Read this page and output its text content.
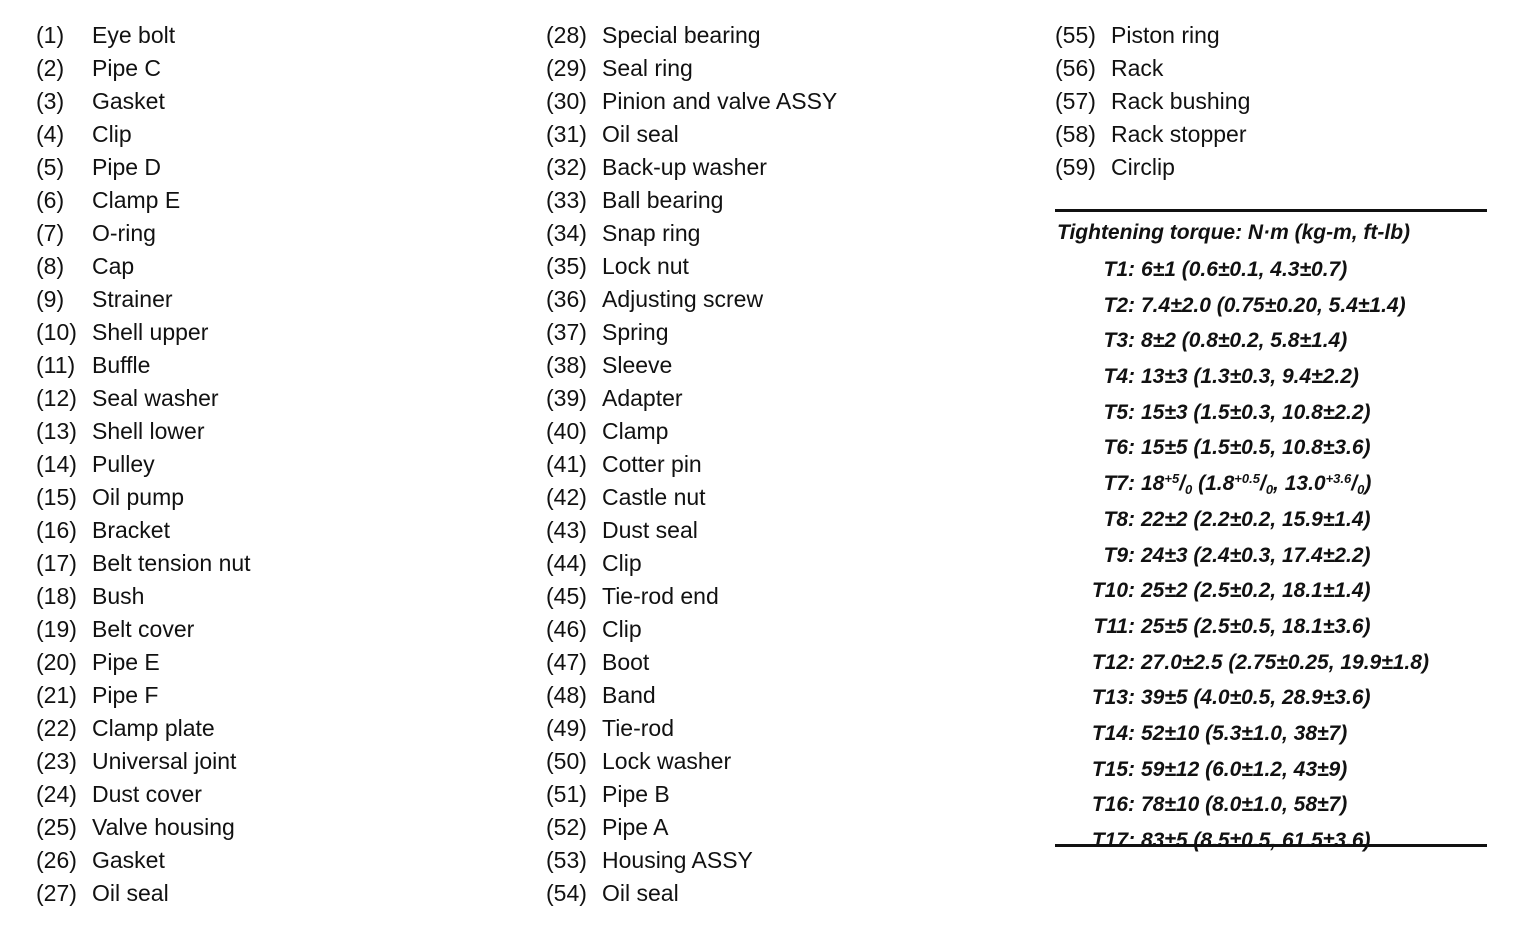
(1)	Eye bolt
(2)	Pipe C
(3)	Gasket
(4)	Clip
(5)	Pipe D
(6)	Clamp E
(7)	O-ring
(8)	Cap
(9)	Strainer
(10) Shell upper
(11) Buffle
(12) Seal washer
(13) Shell lower
(14) Pulley
(15) Oil pump
(16) Bracket
(17) Belt tension nut
(18) Bush
(19) Belt cover
(20) Pipe E
(21) Pipe F
(22) Clamp plate
(23) Universal joint
(24) Dust cover
(25) Valve housing
(26) Gasket
(27) Oil seal
(28) Special bearing
(29) Seal ring
(30) Pinion and valve ASSY
(31) Oil seal
(32) Back-up washer
(33) Ball bearing
(34) Snap ring
(35) Lock nut
(36) Adjusting screw
(37) Spring
(38) Sleeve
(39) Adapter
(40) Clamp
(41) Cotter pin
(42) Castle nut
(43) Dust seal
(44) Clip
(45) Tie-rod end
(46) Clip
(47) Boot
(48) Band
(49) Tie-rod
(50) Lock washer
(51) Pipe B
(52) Pipe A
(53) Housing ASSY
(54) Oil seal
(55) Piston ring
(56) Rack
(57) Rack bushing
(58) Rack stopper
(59) Circlip
Tightening torque: N·m (kg-m, ft-lb)
T1: 6±1 (0.6±0.1, 4.3±0.7)
T2: 7.4±2.0 (0.75±0.20, 5.4±1.4)
T3: 8±2 (0.8±0.2, 5.8±1.4)
T4: 13±3 (1.3±0.3, 9.4±2.2)
T5: 15±3 (1.5±0.3, 10.8±2.2)
T6: 15±5 (1.5±0.5, 10.8±3.6)
T7: $18^{+5}/_0$ ($1.8^{+0.5}/_0$, $13.0^{+3.6}/_0$)
T8: 22±2 (2.2±0.2, 15.9±1.4)
T9: 24±3 (2.4±0.3, 17.4±2.2)
T10: 25±2 (2.5±0.2, 18.1±1.4)
T11: 25±5 (2.5±0.5, 18.1±3.6)
T12: 27.0±2.5 (2.75±0.25, 19.9±1.8)
T13: 39±5 (4.0±0.5, 28.9±3.6)
T14: 52±10 (5.3±1.0, 38±7)
T15: 59±12 (6.0±1.2, 43±9)
T16: 78±10 (8.0±1.0, 58±7)
T17: 83±5 (8.5±0.5, 61.5±3.6)
